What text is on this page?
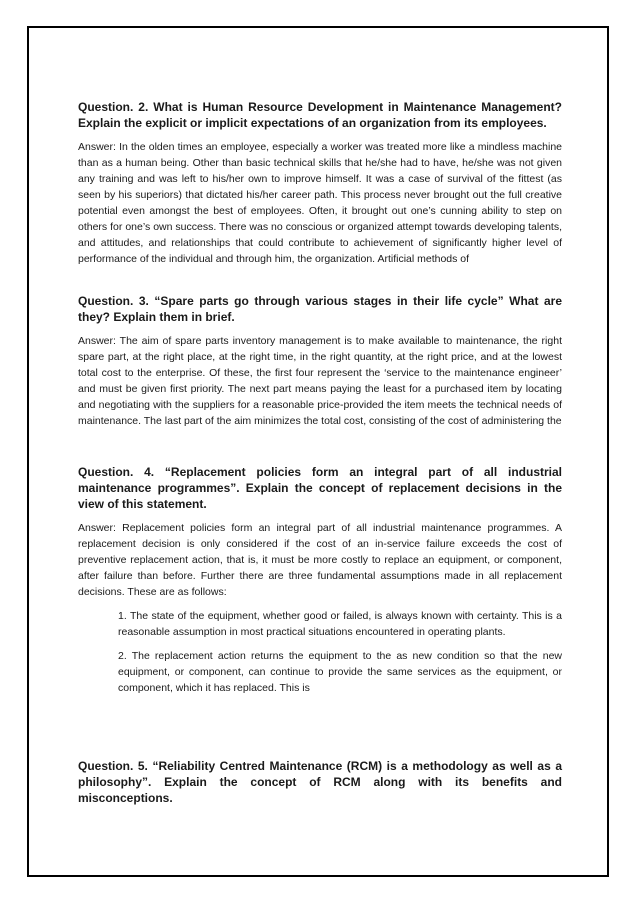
Question. 2. What is Human Resource Development in Maintenance Management? Explain the explicit or implicit expectations of an organization from its employees.

Answer: In the olden times an employee, especially a worker was treated more like a mindless machine than as a human being. Other than basic technical skills that he/she had to have, he/she was not given any training and was left to his/her own to improve himself. It was a case of survival of the fittest (as seen by his superiors) that dictated his/her career path. This process never brought out the full creative potential even amongst the best of employees. Often, it brought out one’s cunning ability to step on others for one’s own success. There was no conscious or organized attempt towards developing talents, and attitudes, and relationships that could contribute to achievement of significantly higher level of performance of the individual and through him, the organization. Artificial methods of

Question. 3. “Spare parts go through various stages in their life cycle” What are they? Explain them in brief.

Answer: The aim of spare parts inventory management is to make available to maintenance, the right spare part, at the right place, at the right time, in the right quantity, at the right price, and at the lowest total cost to the enterprise. Of these, the first four represent the ‘service to the maintenance engineer’ and must be given first priority. The next part means paying the least for a purchased item by locating and negotiating with the suppliers for a reasonable price-provided the item meets the technical needs of maintenance. The last part of the aim minimizes the total cost, consisting of the cost of administering the

Question. 4. “Replacement policies form an integral part of all industrial maintenance programmes”. Explain the concept of replacement decisions in the view of this statement.

Answer: Replacement policies form an integral part of all industrial maintenance programmes. A replacement decision is only considered if the cost of an in-service failure exceeds the cost of preventive replacement action, that is, it must be more costly to replace an equipment, or component, after failure than before. Further there are three fundamental assumptions made in all replacement decisions. These are as follows:

1. The state of the equipment, whether good or failed, is always known with certainty. This is a reasonable assumption in most practical situations encountered in operating plants.

2. The replacement action returns the equipment to the as new condition so that the new equipment, or component, can continue to provide the same services as the equipment, or component, which it has replaced. This is

Question. 5. “Reliability Centred Maintenance (RCM) is a methodology as well as a philosophy”. Explain the concept of RCM along with its benefits and misconceptions.
